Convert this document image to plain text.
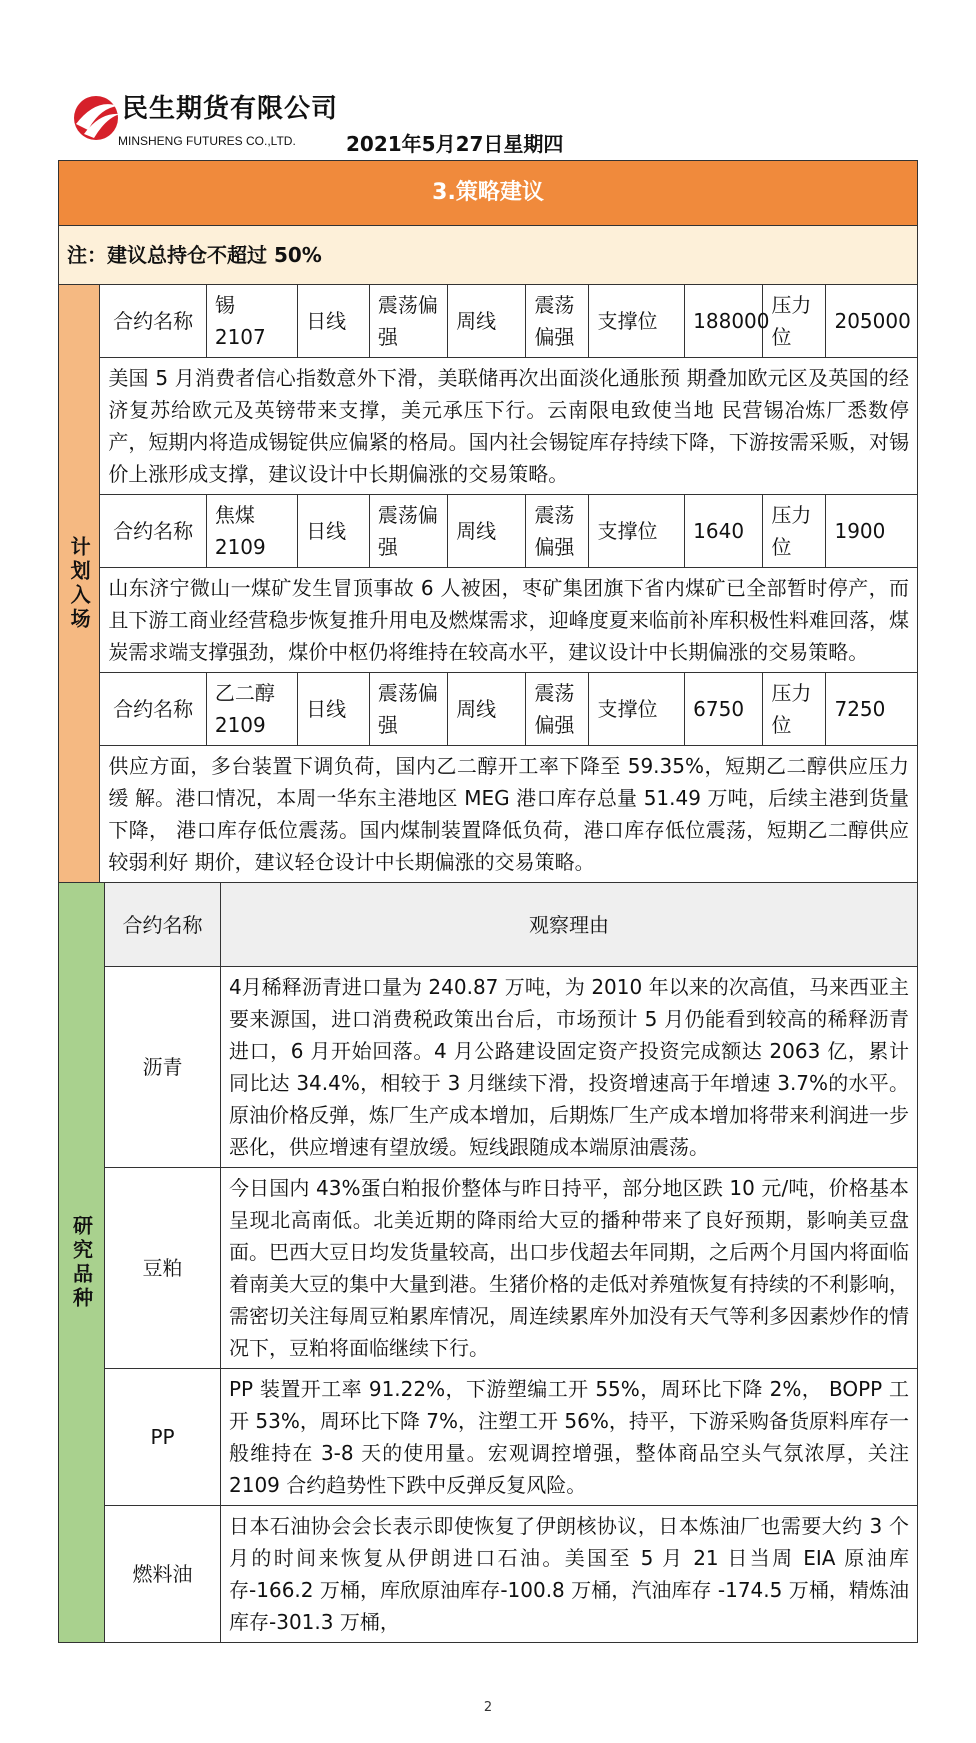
民生期货有限公司
MINSHENG FUTURES CO.,LTD.	2021年5月27日星期四
3.策略建议										
注：建议总持仓不超过 50%										
计划入场	合约名称	锡 2107	日线	震荡偏强	周线	震荡偏强	支撑位	188000	压力位	205000
	美国 5 月消费者信心指数意外下滑，美联储再次出面淡化通胀预 期叠加欧元区及英国的经济复苏给欧元及英镑带来支撑，美元承压下行。云南限电致使当地 民营锡冶炼厂悉数停产，短期内将造成锡锭供应偏紧的格局。国内社会锡锭库存持续下降，下游按需采贩，对锡价上涨形成支撑，建议设计中长期偏涨的交易策略。									
	合约名称	焦煤 2109	日线	震荡偏强	周线	震荡偏强	支撑位	1640	压力位	1900
	山东济宁微山一煤矿发生冒顶事故 6 人被困，枣矿集团旗下省内煤矿已全部暂时停产，而且下游工商业经营稳步恢复推升用电及燃煤需求，迎峰度夏来临前补库积极性料难回落，煤炭需求端支撑强劲，煤价中枢仍将维持在较高水平，建议设计中长期偏涨的交易策略。									
	合约名称	乙二醇 2109	日线	震荡偏强	周线	震荡偏强	支撑位	6750	压力位	7250
	供应方面，多台装置下调负荷，国内乙二醇开工率下降至 59.35%，短期乙二醇供应压力缓 解。港口情况，本周一华东主港地区 MEG 港口库存总量 51.49 万吨，后续主港到货量下降， 港口库存低位震荡。国内煤制装置降低负荷，港口库存低位震荡，短期乙二醇供应较弱利好 期价，建议轻仓设计中长期偏涨的交易策略。									
研究品种	合约名称	观察理由
	沥青	4月稀释沥青进口量为 240.87 万吨，为 2010 年以来的次高值，马来西亚主要来源国，进口消费税政策出台后，市场预计 5 月仍能看到较高的稀释沥青进口，6 月开始回落。4 月公路建设固定资产投资完成额达 2063 亿，累计同比达 34.4%，相较于 3 月继续下滑，投资增速高于年增速 3.7%的水平。原油价格反弹，炼厂生产成本增加，后期炼厂生产成本增加将带来利润进一步恶化，供应增速有望放缓。短线跟随成本端原油震荡。
	豆粕	今日国内 43%蛋白粕报价整体与昨日持平，部分地区跌 10 元/吨，价格基本呈现北高南低。北美近期的降雨给大豆的播种带来了良好预期，影响美豆盘面。巴西大豆日均发货量较高，出口步伐超去年同期，之后两个月国内将面临着南美大豆的集中大量到港。生猪价格的走低对养殖恢复有持续的不利影响，需密切关注每周豆粕累库情况，周连续累库外加没有天气等利多因素炒作的情况下，豆粕将面临继续下行。
	PP	PP 装置开工率 91.22%，下游塑编工开 55%，周环比下降 2%， BOPP 工开 53%，周环比下降 7%，注塑工开 56%，持平，下游采购备货原料库存一般维持在 3-8 天的使用量。宏观调控增强，整体商品空头气氛浓厚，关注 2109 合约趋势性下跌中反弹反复风险。
	燃料油	日本石油协会会长表示即使恢复了伊朗核协议，日本炼油厂也需要大约 3 个月的时间来恢复从伊朗进口石油。美国至 5 月 21 日当周 EIA 原油库存-166.2 万桶，库欣原油库存-100.8 万桶，汽油库存 -174.5 万桶，精炼油库存-301.3 万桶，
2
